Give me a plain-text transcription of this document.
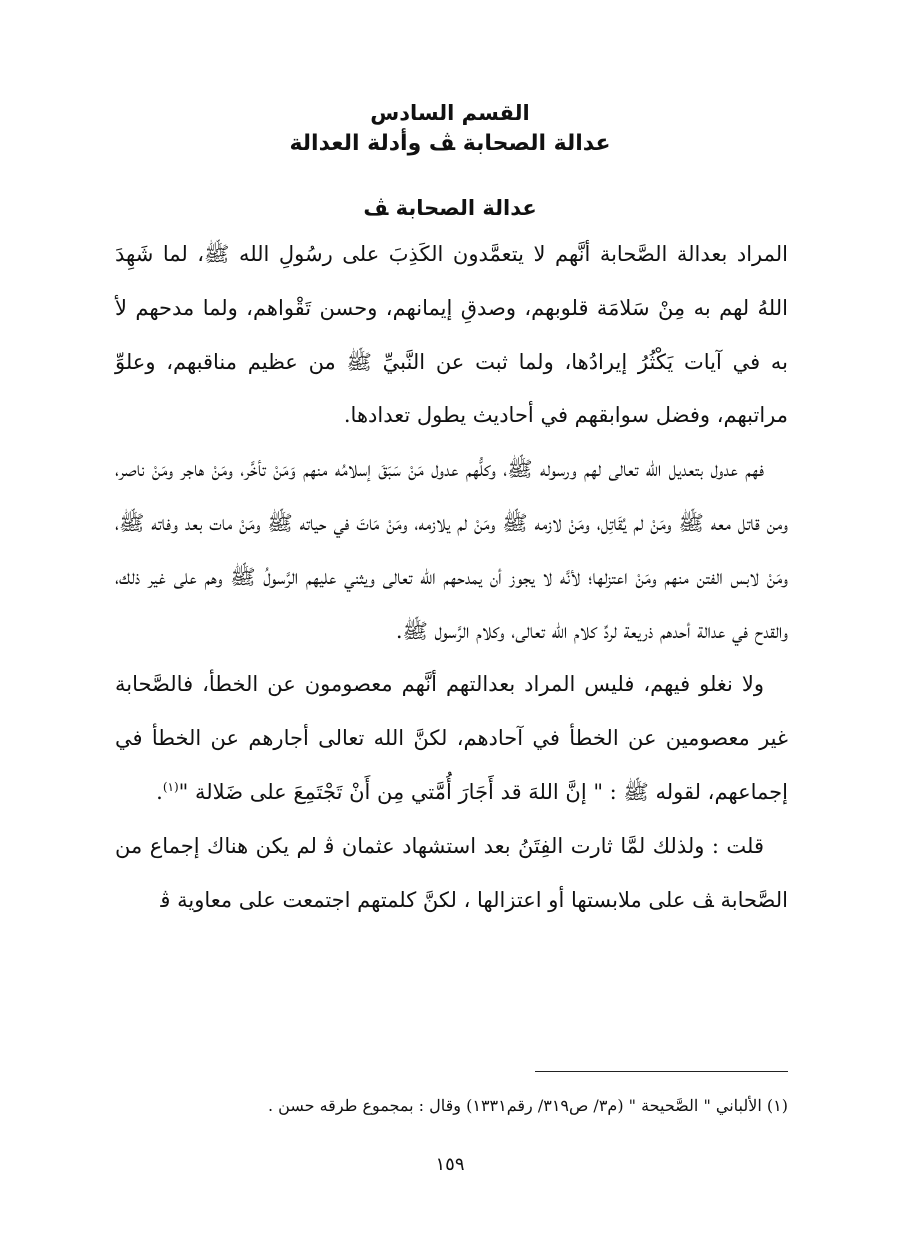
القسم السادس
عدالة الصحابة ﭫ وأدلة العدالة
عدالة الصحابة ﭫ

المراد بعدالة الصَّحابة أنَّهم لا يتعمَّدون الكَذِبَ على رسُولِ الله ﷺ، لما شَهِدَ اللهُ لهم به مِنْ سَلامَة قلوبهم، وصدقِ إيمانهم، وحسن تَقْواهم، ولما مدحهم ﻷ به في آيات يَكْثُرُ إيرادُها، ولما ثبت عن النَّبيِّ ﷺ من عظيم مناقبهم، وعلوِّ مراتبهم، وفضل سوابقهم في أحاديث يطول تعدادها.

فهم عدول بتعديل الله تعالى لهم ورسوله ﷺ، وكلُّهم عدول مَنْ سَبَقَ إسلامُه منهم وَمَنْ تأخَّر، ومَنْ هاجر ومَنْ ناصر، ومن قاتل معه ﷺ ومَنْ لم يُقَاتِل، ومَنْ لازمه ﷺ ومَنْ لم يلازمه، ومَنْ مَاتَ في حياته ﷺ ومَنْ مات بعد وفاته ﷺ، ومَنْ لابس الفتن منهم ومَنْ اعتزلها؛ لأنَّه لا يجوز أن يمدحهم الله تعالى ويثني عليهم الرَّسولُ ﷺ وهم على غير ذلك، والقدح في عدالة أحدهم ذريعة لردِّ كلام الله تعالى، وكلام الرَّسول ﷺ.

ولا نغلو فيهم، فليس المراد بعدالتهم أنَّهم معصومون عن الخطأ، فالصَّحابة غير معصومين عن الخطأ في آحادهم، لكنَّ الله تعالى أجارهم عن الخطأ في إجماعهم، لقوله ﷺ : " إنَّ اللهَ قد أَجَارَ أُمَّتي مِن أَنْ تَجْتَمِعَ على ضَلالة "$^{(١)}$.

قلت : ولذلك لمَّا ثارت الفِتَنُ بعد استشهاد عثمان ﭬ لم يكن هناك إجماع من الصَّحابة ﭫ على ملابستها أو اعتزالها ، لكنَّ كلمتهم اجتمعت على معاوية ﭬ

(١) الألباني " الصَّحيحة " (م٣/ ص٣١٩/ رقم١٣٣١) وقال : بمجموع طرقه حسن .
١٥٩
